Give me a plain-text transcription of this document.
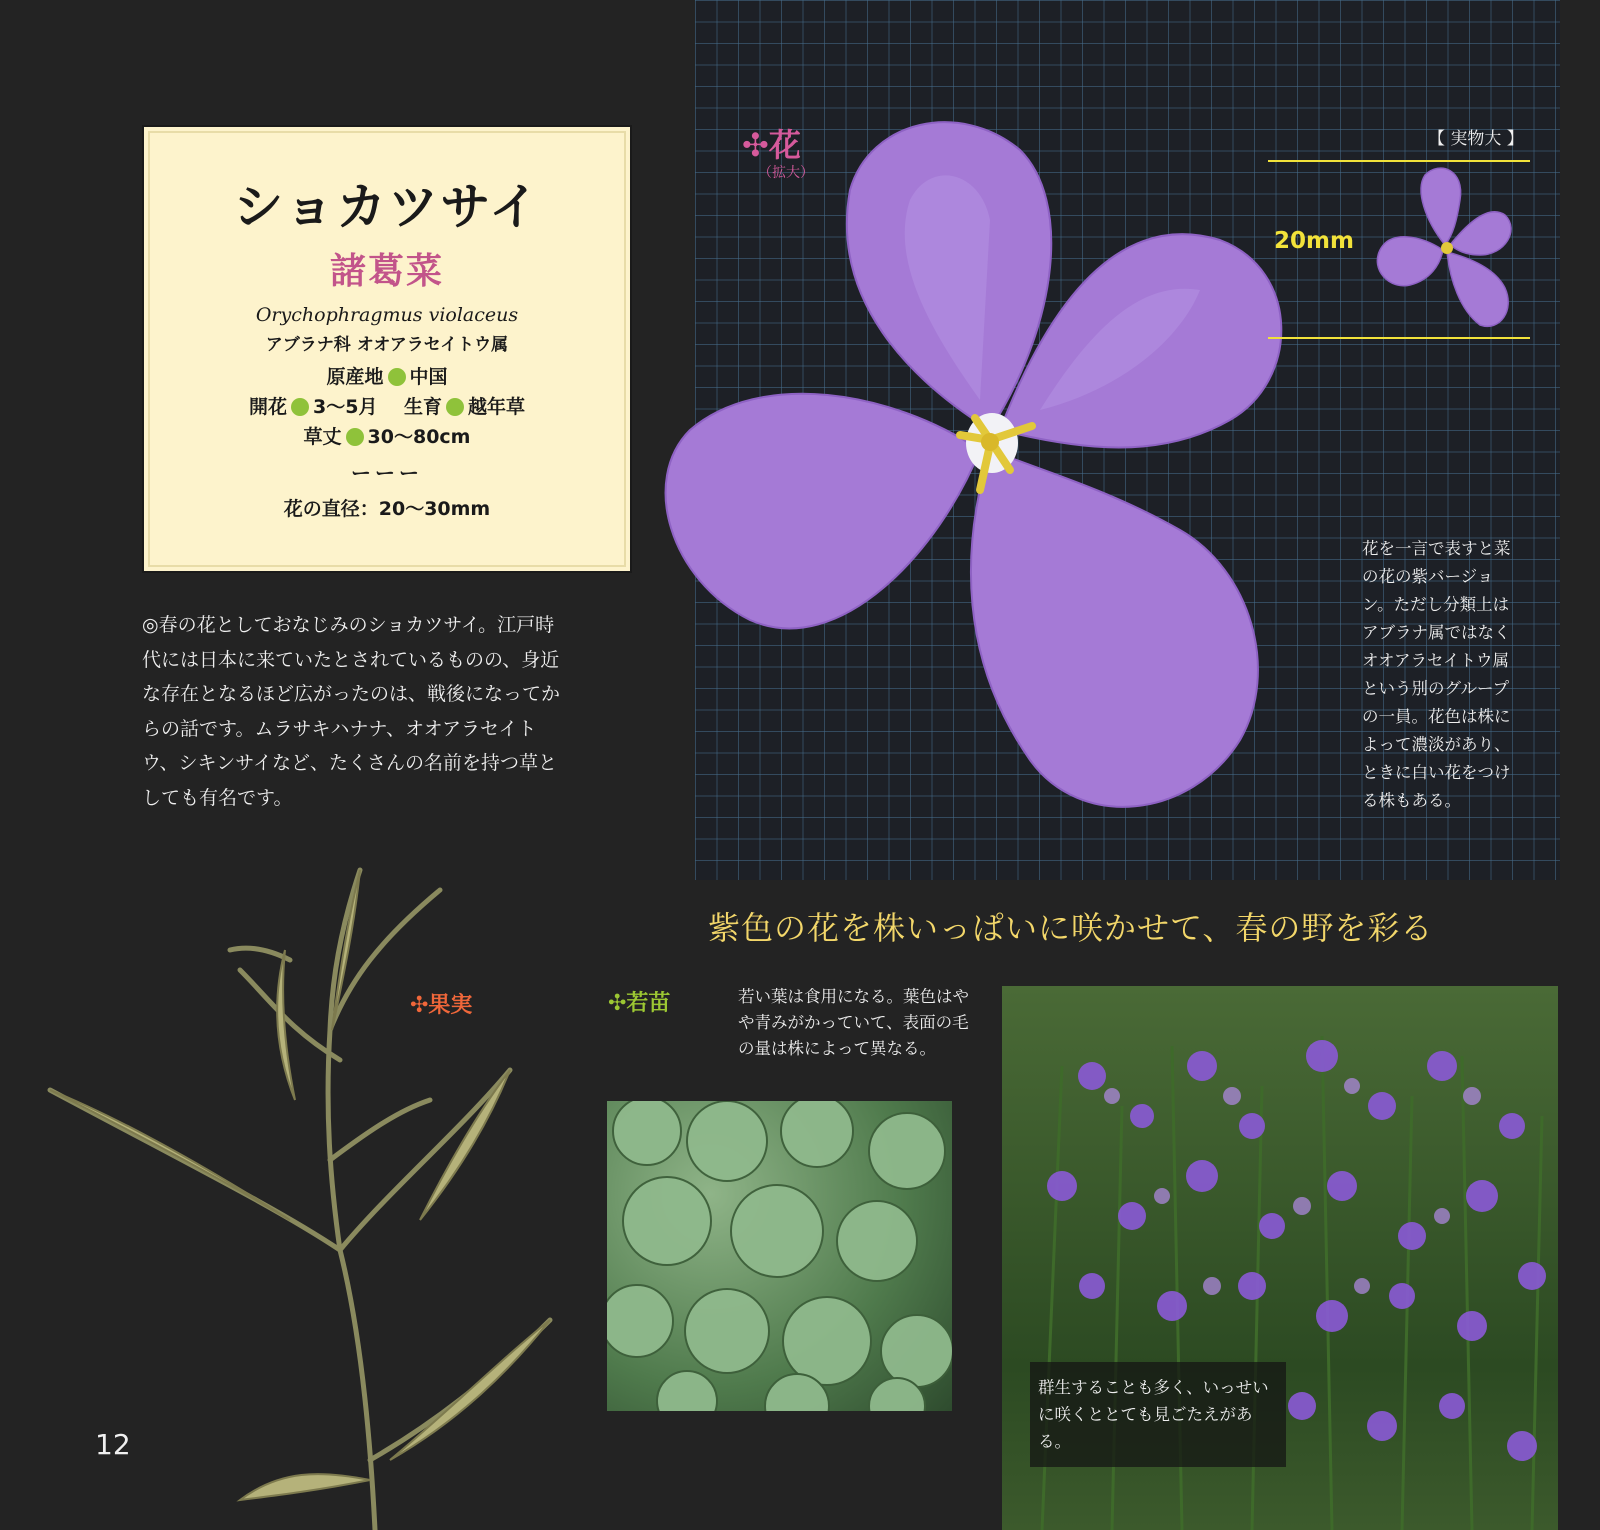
ショカツサイ
諸葛菜
Orychophragmus violaceus
アブラナ科 オオアラセイトウ属
原産地 中国
開花 3～5月 生育 越年草
草丈 30～80cm
ーーー
花の直径：20～30mm
◎春の花としておなじみのショカツサイ。江戸時代には日本に来ていたとされているものの、身近な存在となるほど広がったのは、戦後になってからの話です。ムラサキハナナ、オオアラセイトウ、シキンサイなど、たくさんの名前を持つ草としても有名です。
✣花
（拡大）
【 実物大 】
20mm
花を一言で表すと菜の花の紫バージョン。ただし分類上はアブラナ属ではなくオオアラセイトウ属という別のグループの一員。花色は株によって濃淡があり、ときに白い花をつける株もある。
紫色の花を株いっぱいに咲かせて、春の野を彩る
✣果実	✣若苗	若い葉は食用になる。葉色はやや青みがかっていて、表面の毛の量は株によって異なる。
群生することも多く、いっせいに咲くととても見ごたえがある。
12
